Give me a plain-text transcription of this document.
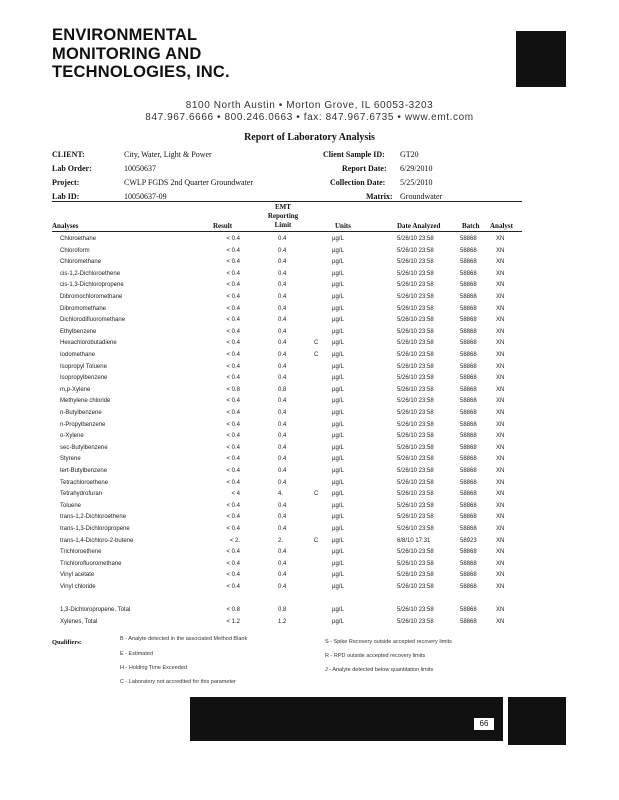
ENVIRONMENTAL
MONITORING AND
TECHNOLOGIES, INC.
8100 North Austin • Morton Grove, IL 60053-3203
847.967.6666 • 800.246.0663 • fax: 847.967.6735 • www.emt.com
Report of Laboratory Analysis
CLIENT:	City, Water, Light & Power	Client Sample ID: GT20
Lab Order:	10050637	Report Date: 6/29/2010
Project:	CWLP FGDS 2nd Quarter Groundwater	Collection Date: 5/25/2010
Lab ID:	10050637-09	Matrix: Groundwater
Analyses	Result
EMT
Reporting
Limit	Units	Date Analyzed	Batch Analyst
Chloroethane	< 0.4	0.4	µg/L	5/26/10 23:58	58868	XN
Chloroform	< 0.4	0.4	µg/L	5/26/10 23:58	58868	XN
Chloromethane	< 0.4	0.4	µg/L	5/26/10 23:58	58868	XN
cis-1,2-Dichloroethene	< 0.4	0.4	µg/L	5/26/10 23:58	58868	XN
cis-1,3-Dichloropropene	< 0.4	0.4	µg/L	5/26/10 23:58	58868	XN
Dibromochloromethane	< 0.4	0.4	µg/L	5/26/10 23:58	58868	XN
Dibromomethane	< 0.4	0.4	µg/L	5/26/10 23:58	58868	XN
Dichlorodifluoromethane	< 0.4	0.4	µg/L	5/26/10 23:58	58868	XN
Ethylbenzene	< 0.4	0.4	µg/L	5/26/10 23:58	58868	XN
Hexachlorobutadiene	< 0.4	0.4	C µg/L	5/26/10 23:58	58868	XN
Iodomethane	< 0.4	0.4	C µg/L	5/26/10 23:58	58868	XN
Isopropyl Toluene	< 0.4	0.4	µg/L	5/26/10 23:58	58868	XN
Isopropylbenzene	< 0.4	0.4	µg/L	5/26/10 23:58	58868	XN
m,p-Xylene	< 0.8	0.8	µg/L	5/26/10 23:58	58868	XN
Methylene chloride	< 0.4	0.4	µg/L	5/26/10 23:58	58868	XN
n-Butylbenzene	< 0.4	0.4	µg/L	5/26/10 23:58	58868	XN
n-Propylbenzene	< 0.4	0.4	µg/L	5/26/10 23:58	58868	XN
o-Xylene	< 0.4	0.4	µg/L	5/26/10 23:58	58868	XN
sec-Butylbenzene	< 0.4	0.4	µg/L	5/26/10 23:58	58868	XN
Styrene	< 0.4	0.4	µg/L	5/26/10 23:58	58868	XN
tert-Butylbenzene	< 0.4	0.4	µg/L	5/26/10 23:58	58868	XN
Tetrachloroethene	< 0.4	0.4	µg/L	5/26/10 23:58	58868	XN
Tetrahydrofuran	< 4	4.	C µg/L	5/26/10 23:58	58868	XN
Toluene	< 0.4	0.4	µg/L	5/26/10 23:58	58868	XN
trans-1,2-Dichloroethene	< 0.4	0.4	µg/L	5/26/10 23:58	58868	XN
trans-1,3-Dichloropropene	< 0.4	0.4	µg/L	5/26/10 23:58	58868	XN
trans-1,4-Dichloro-2-butene	< 2.	2.	C µg/L	6/8/10 17:31	58923	XN
Trichloroethene	< 0.4	0.4	µg/L	5/26/10 23:58	58868	XN
Trichlorofluoromethane	< 0.4	0.4	µg/L	5/26/10 23:58	58868	XN
Vinyl acetate	< 0.4	0.4	µg/L	5/26/10 23:58	58868	XN
Vinyl chloride	< 0.4	0.4	µg/L	5/26/10 23:58	58868	XN
1,3-Dichloropropene, Total	< 0.8	0.8	µg/L	5/26/10 23:58	58868	XN
Xylenes, Total	< 1.2	1.2	µg/L	5/26/10 23:58	58868	XN
Qualifiers:	B - Analyte detected in the associated Method Blank
E - Estimated
H - Holding Time Exceeded
C - Laboratory not accredited for this parameter
S - Spike Recovery outside accepted recovery limits
R - RPD outside accepted recovery limits
J - Analyte detected below quantitation limits
66
